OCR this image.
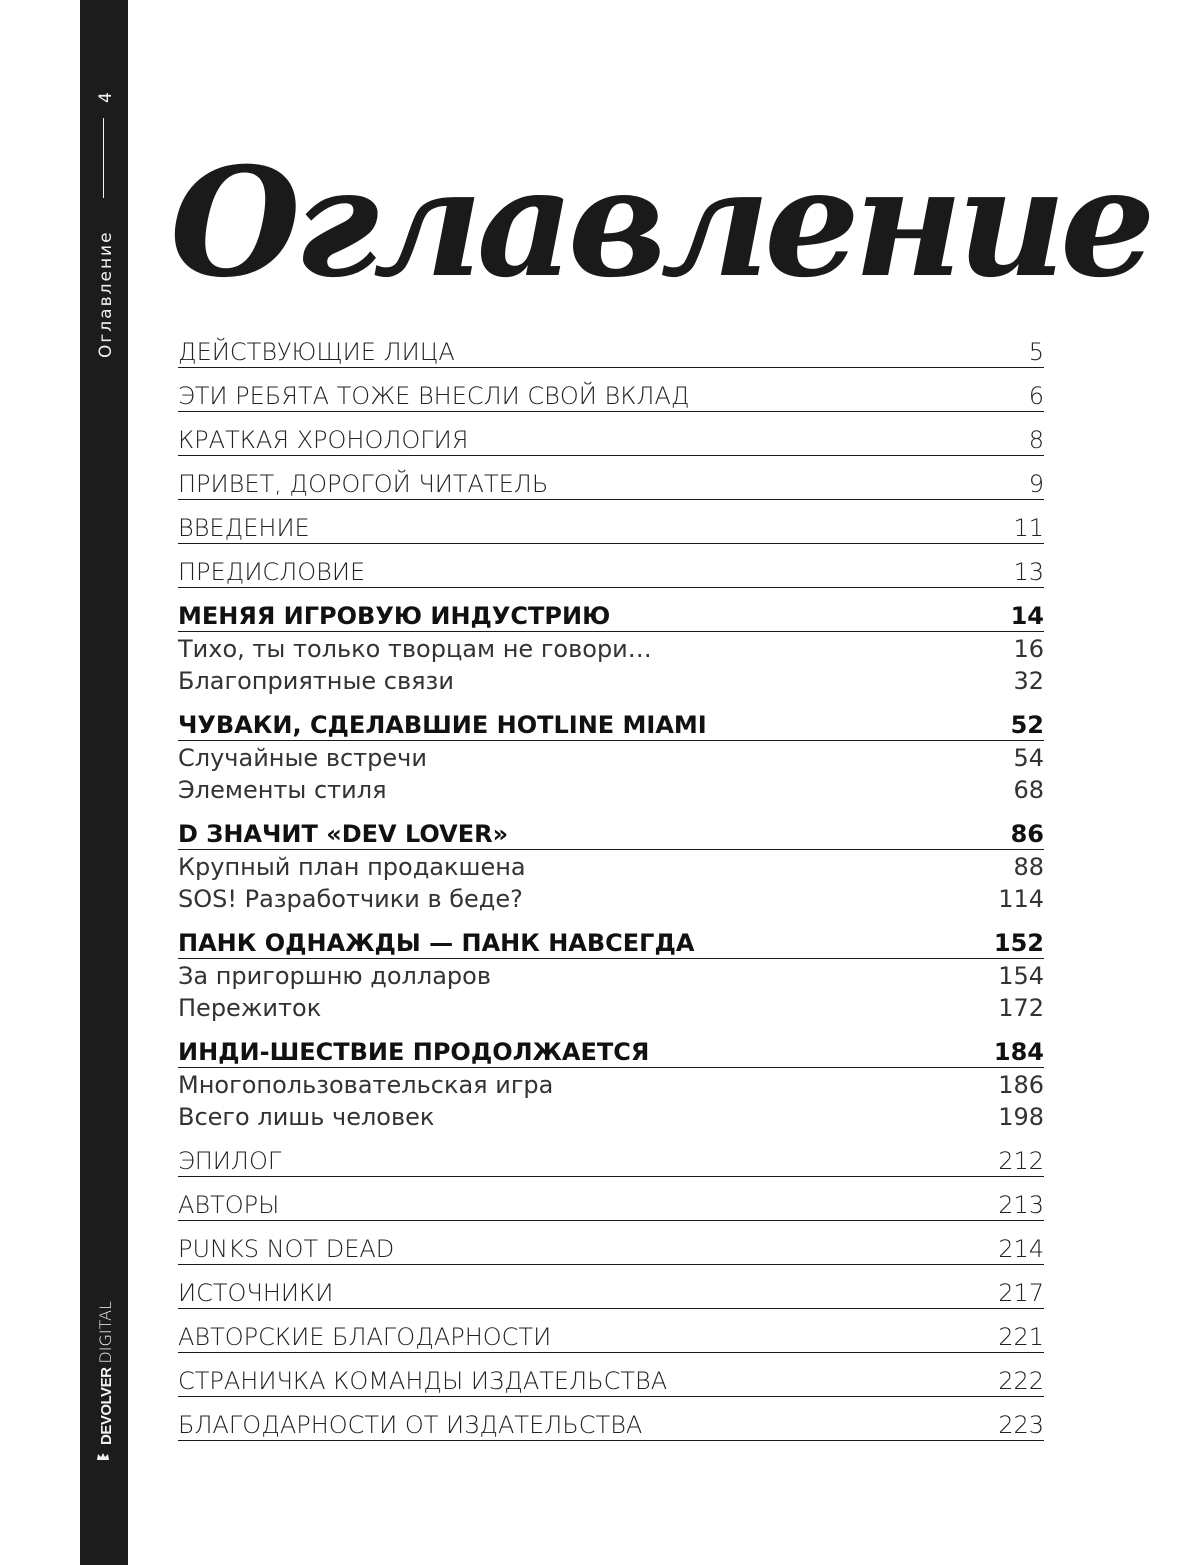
4
Оглавление
DEVOLVERDIGITAL
Оглавление
ДЕЙСТВУЮЩИЕ ЛИЦА	5
ЭТИ РЕБЯТА ТОЖЕ ВНЕСЛИ СВОЙ ВКЛАД	6
КРАТКАЯ ХРОНОЛОГИЯ	8
ПРИВЕТ, ДОРОГОЙ ЧИТАТЕЛЬ	9
ВВЕДЕНИЕ	11
ПРЕДИСЛОВИЕ	13
МЕНЯЯ ИГРОВУЮ ИНДУСТРИЮ	14
Тихо, ты только творцам не говори…	16
Благоприятные связи	32
ЧУВАКИ, СДЕЛАВШИЕ HOTLINE MIAMI	52
Случайные встречи	54
Элементы стиля	68
D ЗНАЧИТ «DEV LOVER»	86
Крупный план продакшена	88
SOS! Разработчики в беде?	114
ПАНК ОДНАЖДЫ — ПАНК НАВСЕГДА	152
За пригоршню долларов	154
Пережиток	172
ИНДИ-ШЕСТВИЕ ПРОДОЛЖАЕТСЯ	184
Многопользовательская игра	186
Всего лишь человек	198
ЭПИЛОГ	212
АВТОРЫ	213
PUNKS NOT DEAD	214
ИСТОЧНИКИ	217
АВТОРСКИЕ БЛАГОДАРНОСТИ	221
СТРАНИЧКА КОМАНДЫ ИЗДАТЕЛЬСТВА	222
БЛАГОДАРНОСТИ ОТ ИЗДАТЕЛЬСТВА	223
